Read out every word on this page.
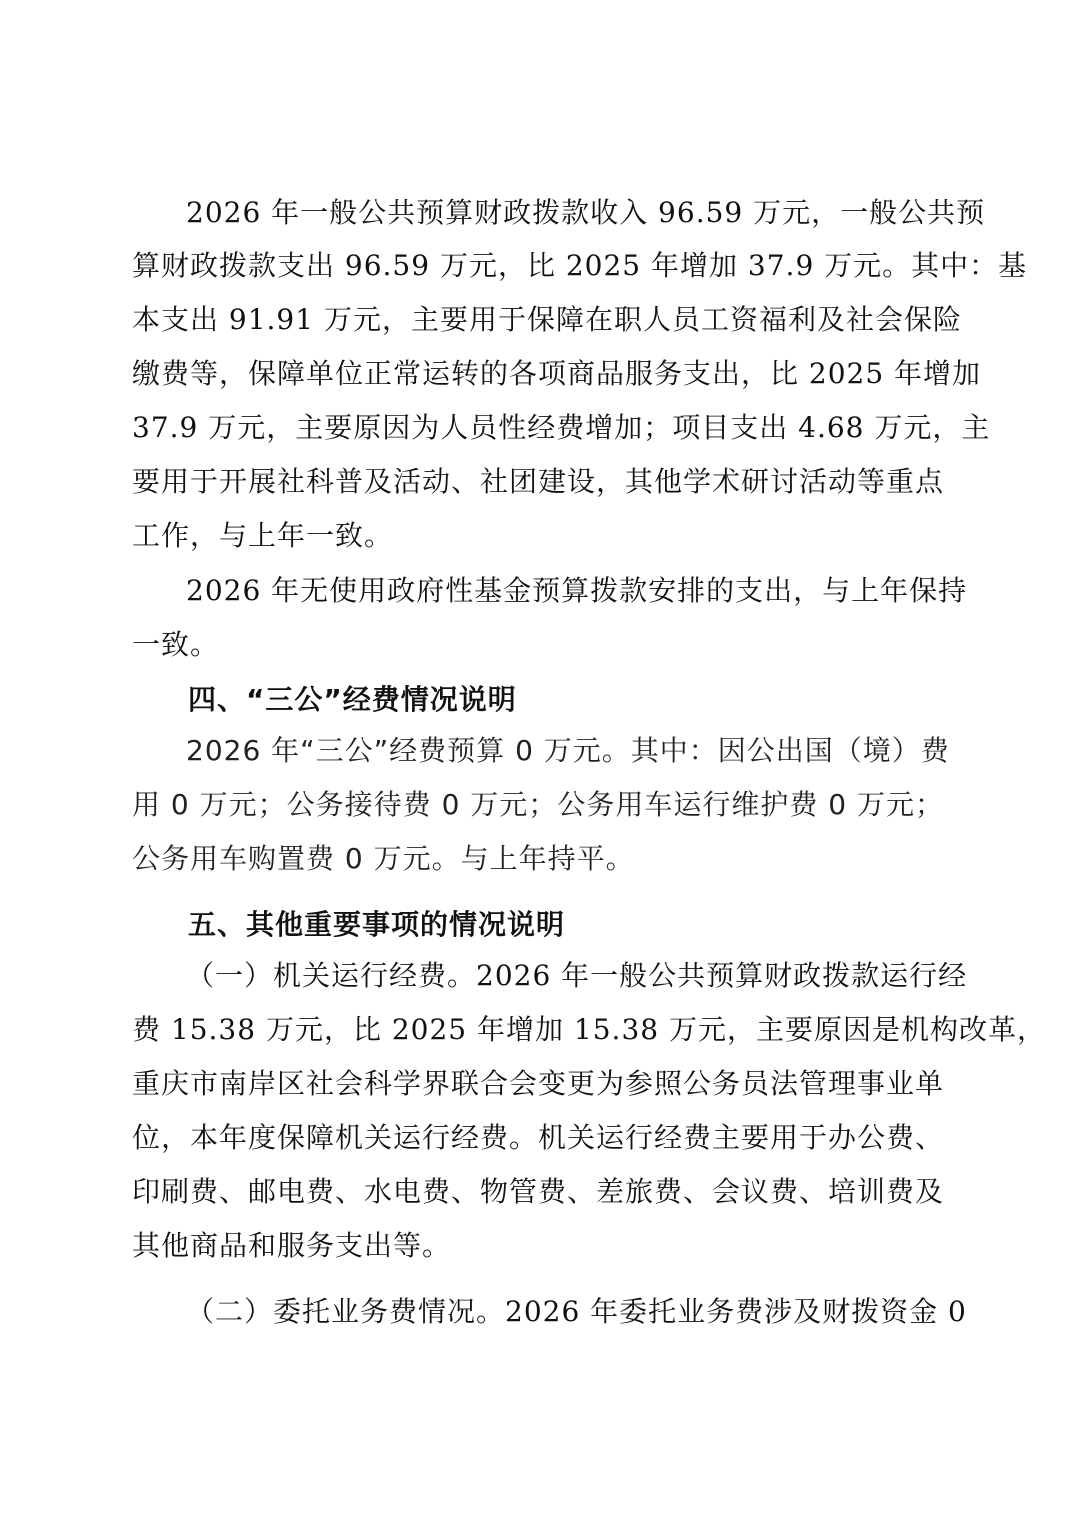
2026 年一般公共预算财政拨款收入 96.59 万元，一般公共预
算财政拨款支出 96.59 万元，比 2025 年增加 37.9 万元。其中：基
本支出 91.91 万元，主要用于保障在职人员工资福利及社会保险
缴费等，保障单位正常运转的各项商品服务支出，比 2025 年增加
37.9 万元，主要原因为人员性经费增加；项目支出 4.68 万元，主
要用于开展社科普及活动、社团建设，其他学术研讨活动等重点
工作，与上年一致。
2026 年无使用政府性基金预算拨款安排的支出，与上年保持
一致。
四、“三公”经费情况说明
2026 年“三公”经费预算 0 万元。其中：因公出国（境）费
用 0 万元；公务接待费 0 万元；公务用车运行维护费 0 万元；
公务用车购置费 0 万元。与上年持平。
五、其他重要事项的情况说明
（一）机关运行经费。2026 年一般公共预算财政拨款运行经
费 15.38 万元，比 2025 年增加 15.38 万元，主要原因是机构改革，
重庆市南岸区社会科学界联合会变更为参照公务员法管理事业单
位，本年度保障机关运行经费。机关运行经费主要用于办公费、
印刷费、邮电费、水电费、物管费、差旅费、会议费、培训费及
其他商品和服务支出等。
（二）委托业务费情况。2026 年委托业务费涉及财拨资金 0
